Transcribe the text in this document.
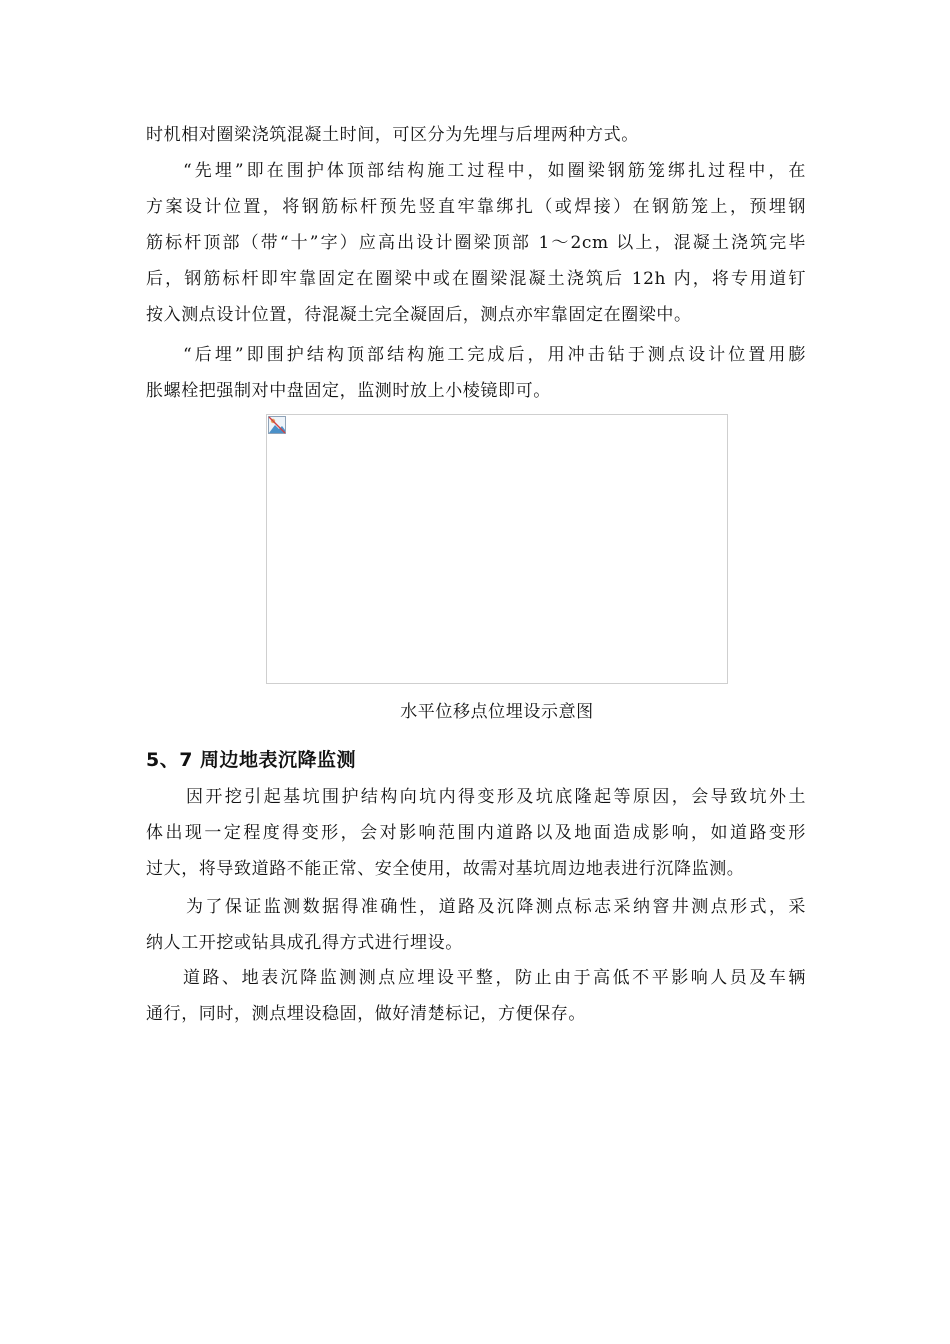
时机相对圈梁浇筑混凝土时间，可区分为先埋与后埋两种方式。
“先埋”即在围护体顶部结构施工过程中，如圈梁钢筋笼绑扎过程中，在
方案设计位置，将钢筋标杆预先竖直牢靠绑扎（或焊接）在钢筋笼上，预埋钢
筋标杆顶部（带“十”字）应高出设计圈梁顶部 1～2cm 以上，混凝土浇筑完毕
后，钢筋标杆即牢靠固定在圈梁中或在圈梁混凝土浇筑后 12h 内，将专用道钉
按入测点设计位置，待混凝土完全凝固后，测点亦牢靠固定在圈梁中。
“后埋”即围护结构顶部结构施工完成后，用冲击钻于测点设计位置用膨
胀螺栓把强制对中盘固定，监测时放上小棱镜即可。
水平位移点位埋设示意图
5、7 周边地表沉降监测
因开挖引起基坑围护结构向坑内得变形及坑底隆起等原因，会导致坑外土
体出现一定程度得变形，会对影响范围内道路以及地面造成影响，如道路变形
过大，将导致道路不能正常、安全使用，故需对基坑周边地表进行沉降监测。
为了保证监测数据得准确性，道路及沉降测点标志采纳窨井测点形式，采
纳人工开挖或钻具成孔得方式进行埋设。
道路、地表沉降监测测点应埋设平整，防止由于高低不平影响人员及车辆
通行，同时，测点埋设稳固，做好清楚标记，方便保存。
